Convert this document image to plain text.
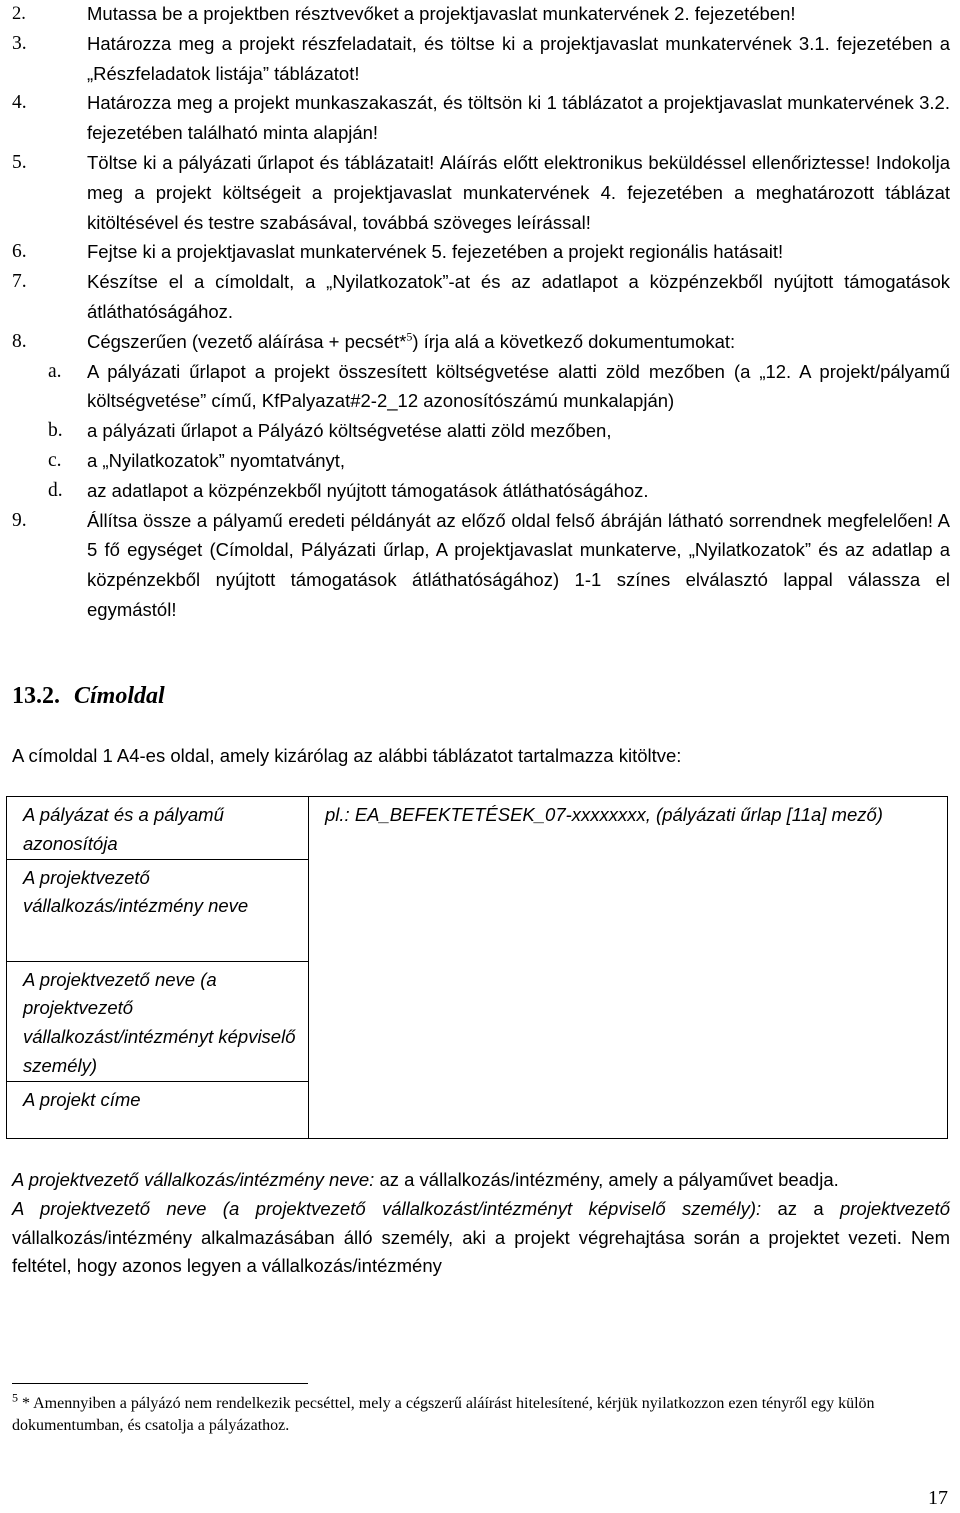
2.	Mutassa be a projektben résztvevőket a projektjavaslat munkatervének 2. fejezetében!
3.	Határozza meg a projekt részfeladatait, és töltse ki a projektjavaslat munkatervének 3.1. fejezetében a „Részfeladatok listája” táblázatot!
4.	Határozza meg a projekt munkaszakaszát, és töltsön ki 1 táblázatot a projektjavaslat munkatervének 3.2. fejezetében található minta alapján!
5.	Töltse ki a pályázati űrlapot és táblázatait! Aláírás előtt elektronikus beküldéssel ellenőriztesse! Indokolja meg a projekt költségeit a projektjavaslat munkatervének 4. fejezetében a meghatározott táblázat kitöltésével és testre szabásával, továbbá szöveges leírással!
6.	Fejtse ki a projektjavaslat munkatervének 5. fejezetében a projekt regionális hatásait!
7.	Készítse el a címoldalt, a „Nyilatkozatok”-at és az adatlapot a közpénzekből nyújtott támogatások átláthatóságához.
8.	Cégszerűen (vezető aláírása + pecsét*$^5$) írja alá a következő dokumentumokat:
a. A pályázati űrlapot a projekt összesített költségvetése alatti zöld mezőben (a „12. A projekt/pályamű költségvetése” című, KfPalyazat#2-2_12 azonosítószámú munkalapján)
b. a pályázati űrlapot a Pályázó költségvetése alatti zöld mezőben,
c. a „Nyilatkozatok” nyomtatványt,
d. az adatlapot a közpénzekből nyújtott támogatások átláthatóságához.
9.	Állítsa össze a pályamű eredeti példányát az előző oldal felső ábráján látható sorrendnek megfelelően! A 5 fő egységet (Címoldal, Pályázati űrlap, A projektjavaslat munkaterve, „Nyilatkozatok” és az adatlap a közpénzekből nyújtott támogatások átláthatóságához) 1-1 színes elválasztó lappal válassza el egymástól!
13.2. Címoldal
A címoldal 1 A4-es oldal, amely kizárólag az alábbi táblázatot tartalmazza kitöltve:
A pályázat és a pályamű azonosítója	pl.: EA_BEFEKTETÉSEK_07-xxxxxxxx, (pályázati űrlap [11a] mező)
A projektvezető vállalkozás/intézmény neve
A projektvezető neve (a projektvezető vállalkozást/intézményt képviselő személy)
A projekt címe

A projektvezető vállalkozás/intézmény neve: az a vállalkozás/intézmény, amely a pályaművet beadja.

A projektvezető neve (a projektvezető vállalkozást/intézményt képviselő személy): az a projektvezető vállalkozás/intézmény alkalmazásában álló személy, aki a projekt végrehajtása során a projektet vezeti. Nem feltétel, hogy azonos legyen a vállalkozás/intézmény

$^5$ * Amennyiben a pályázó nem rendelkezik pecséttel, mely a cégszerű aláírást hitelesítené, kérjük nyilatkozzon ezen tényről egy külön dokumentumban, és csatolja a pályázathoz.
17
